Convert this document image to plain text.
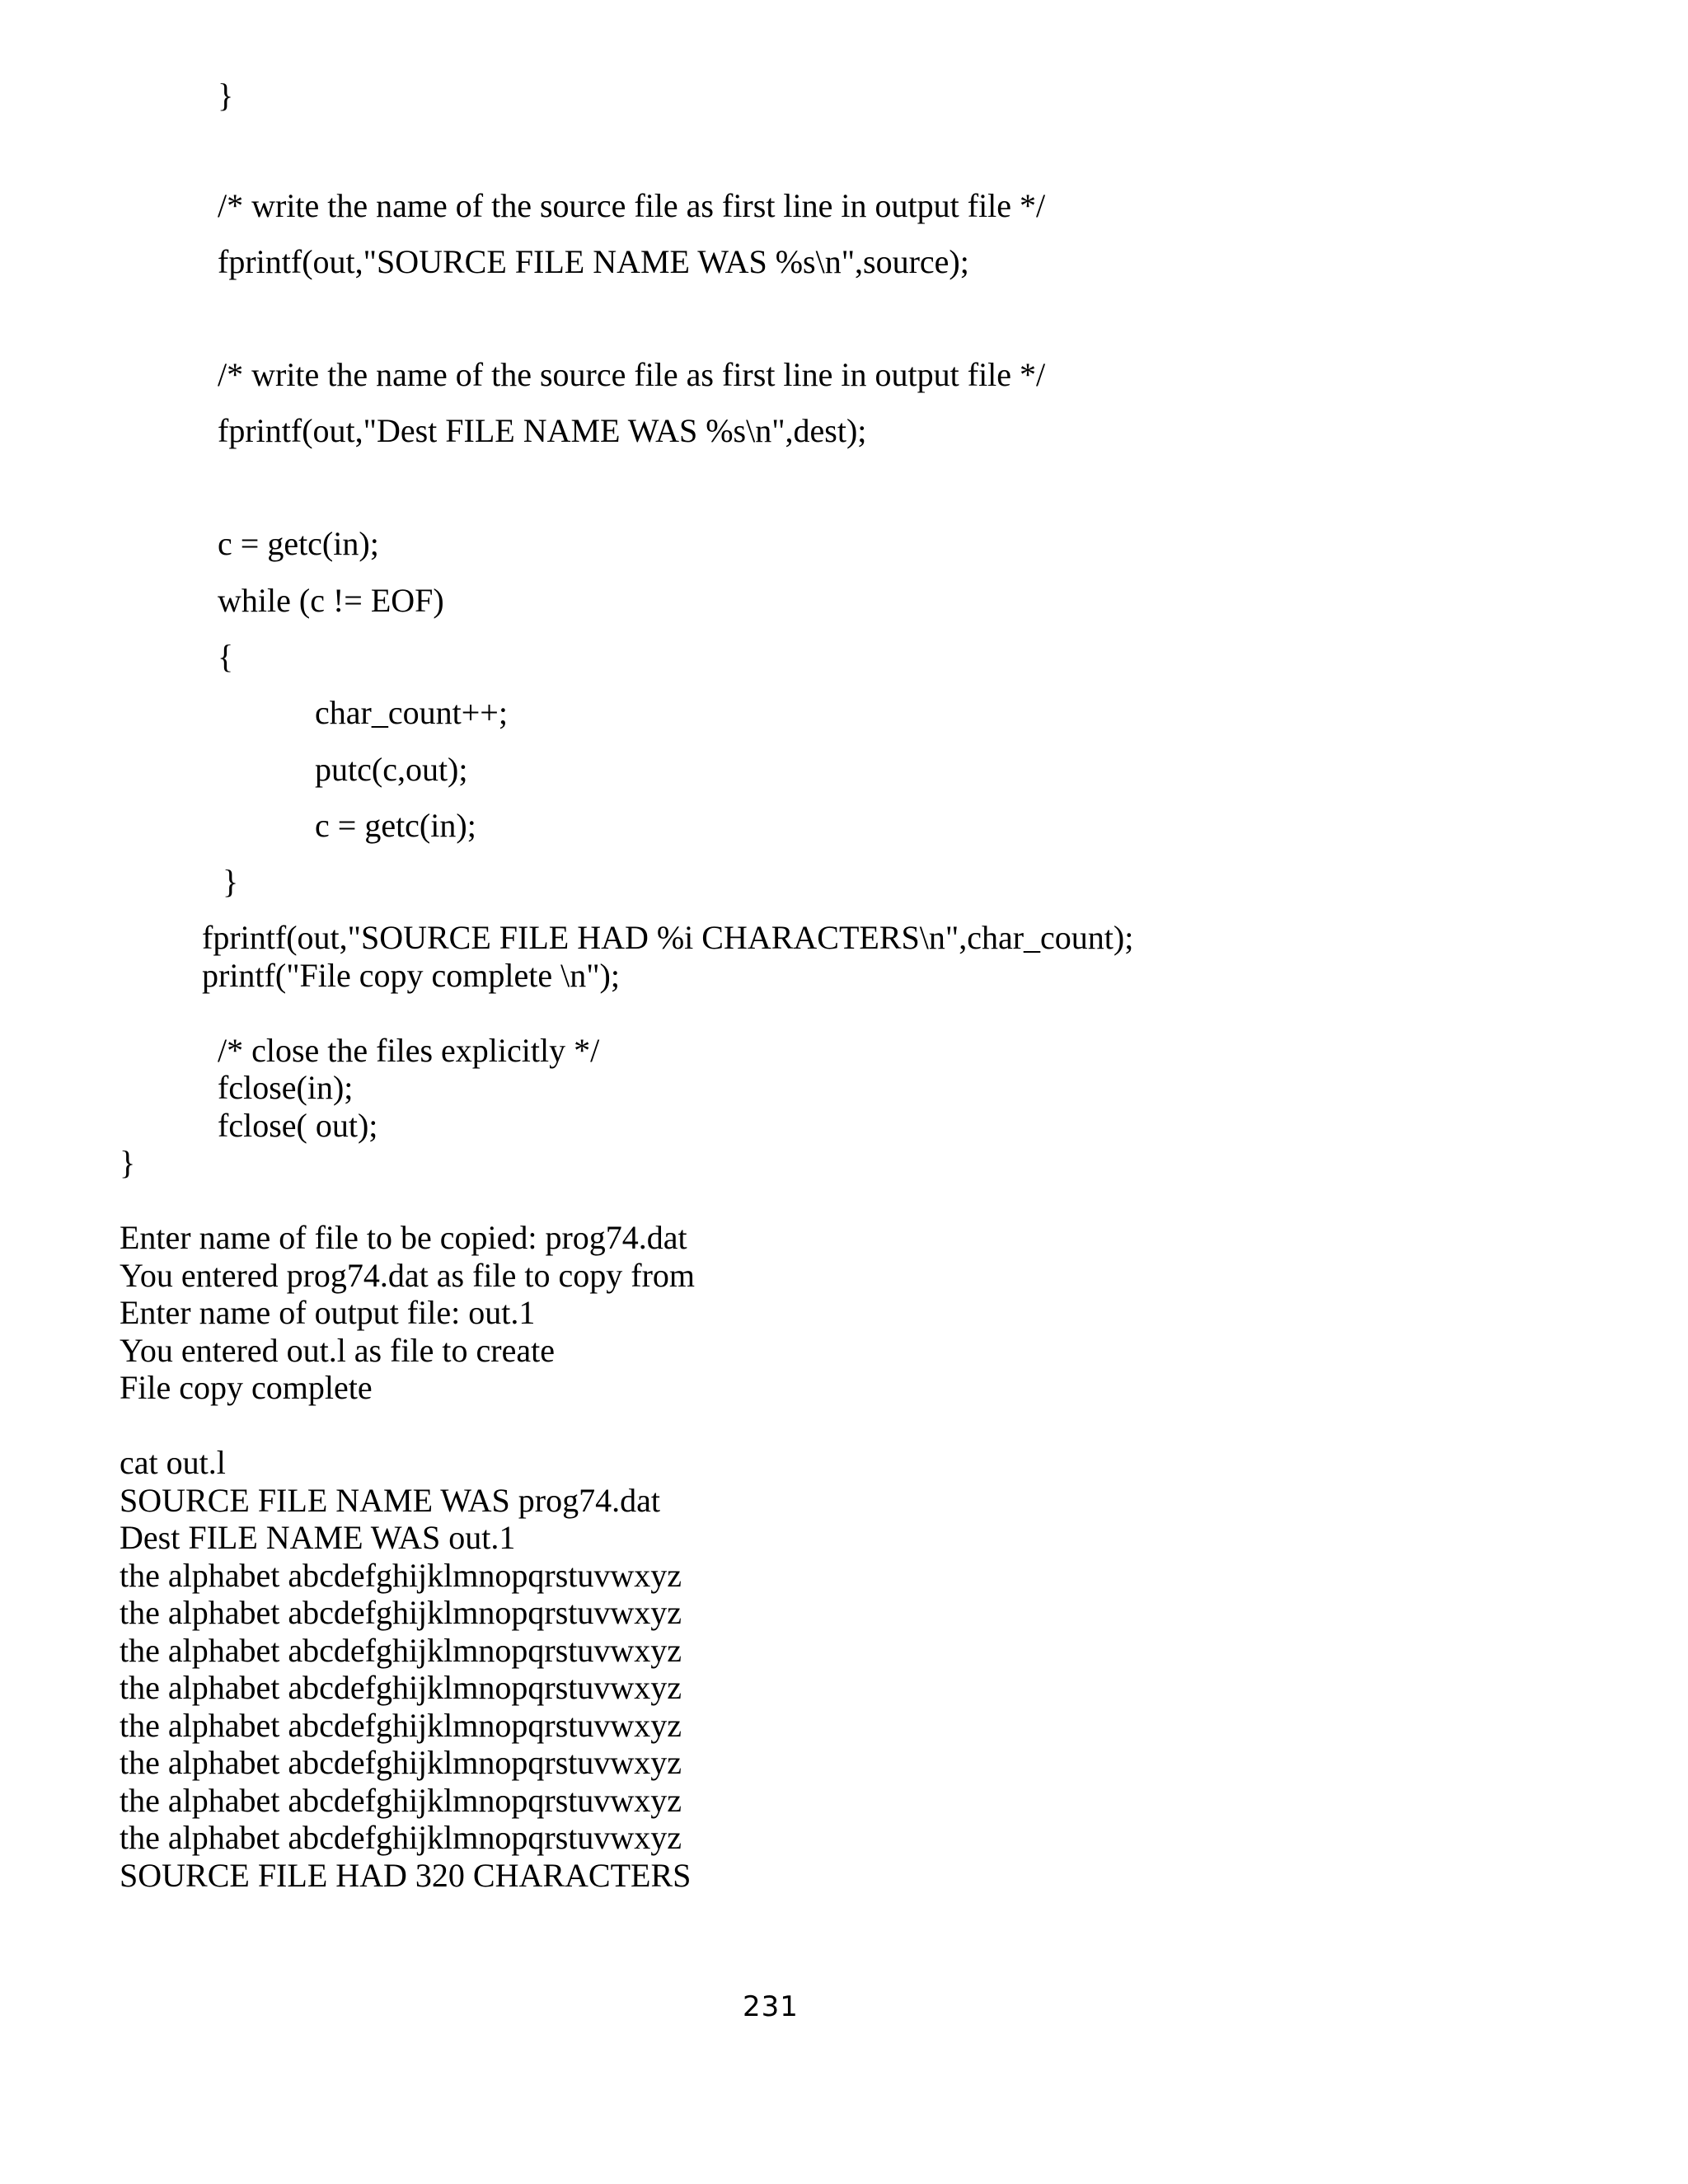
}
/* write the name of the source file as first line in output file */
fprintf(out,"SOURCE FILE NAME WAS %s\n",source);
/* write the name of the source file as first line in output file */
fprintf(out,"Dest FILE NAME WAS %s\n",dest);
c = getc(in);
while (c != EOF)
{
char_count++;
putc(c,out);
c = getc(in);
}
fprintf(out,"SOURCE FILE HAD %i CHARACTERS\n",char_count);
printf("File copy complete \n");
/* close the files explicitly */
fclose(in);
fclose( out);
}
Enter name of file to be copied: prog74.dat
You entered prog74.dat as file to copy from
Enter name of output file: out.1
You entered out.l as file to create
File copy complete
cat out.l
SOURCE FILE NAME WAS prog74.dat
Dest FILE NAME WAS out.1
the alphabet abcdefghijklmnopqrstuvwxyz
the alphabet abcdefghijklmnopqrstuvwxyz
the alphabet abcdefghijklmnopqrstuvwxyz
the alphabet abcdefghijklmnopqrstuvwxyz
the alphabet abcdefghijklmnopqrstuvwxyz
the alphabet abcdefghijklmnopqrstuvwxyz
the alphabet abcdefghijklmnopqrstuvwxyz
the alphabet abcdefghijklmnopqrstuvwxyz
SOURCE FILE HAD 320 CHARACTERS
231
